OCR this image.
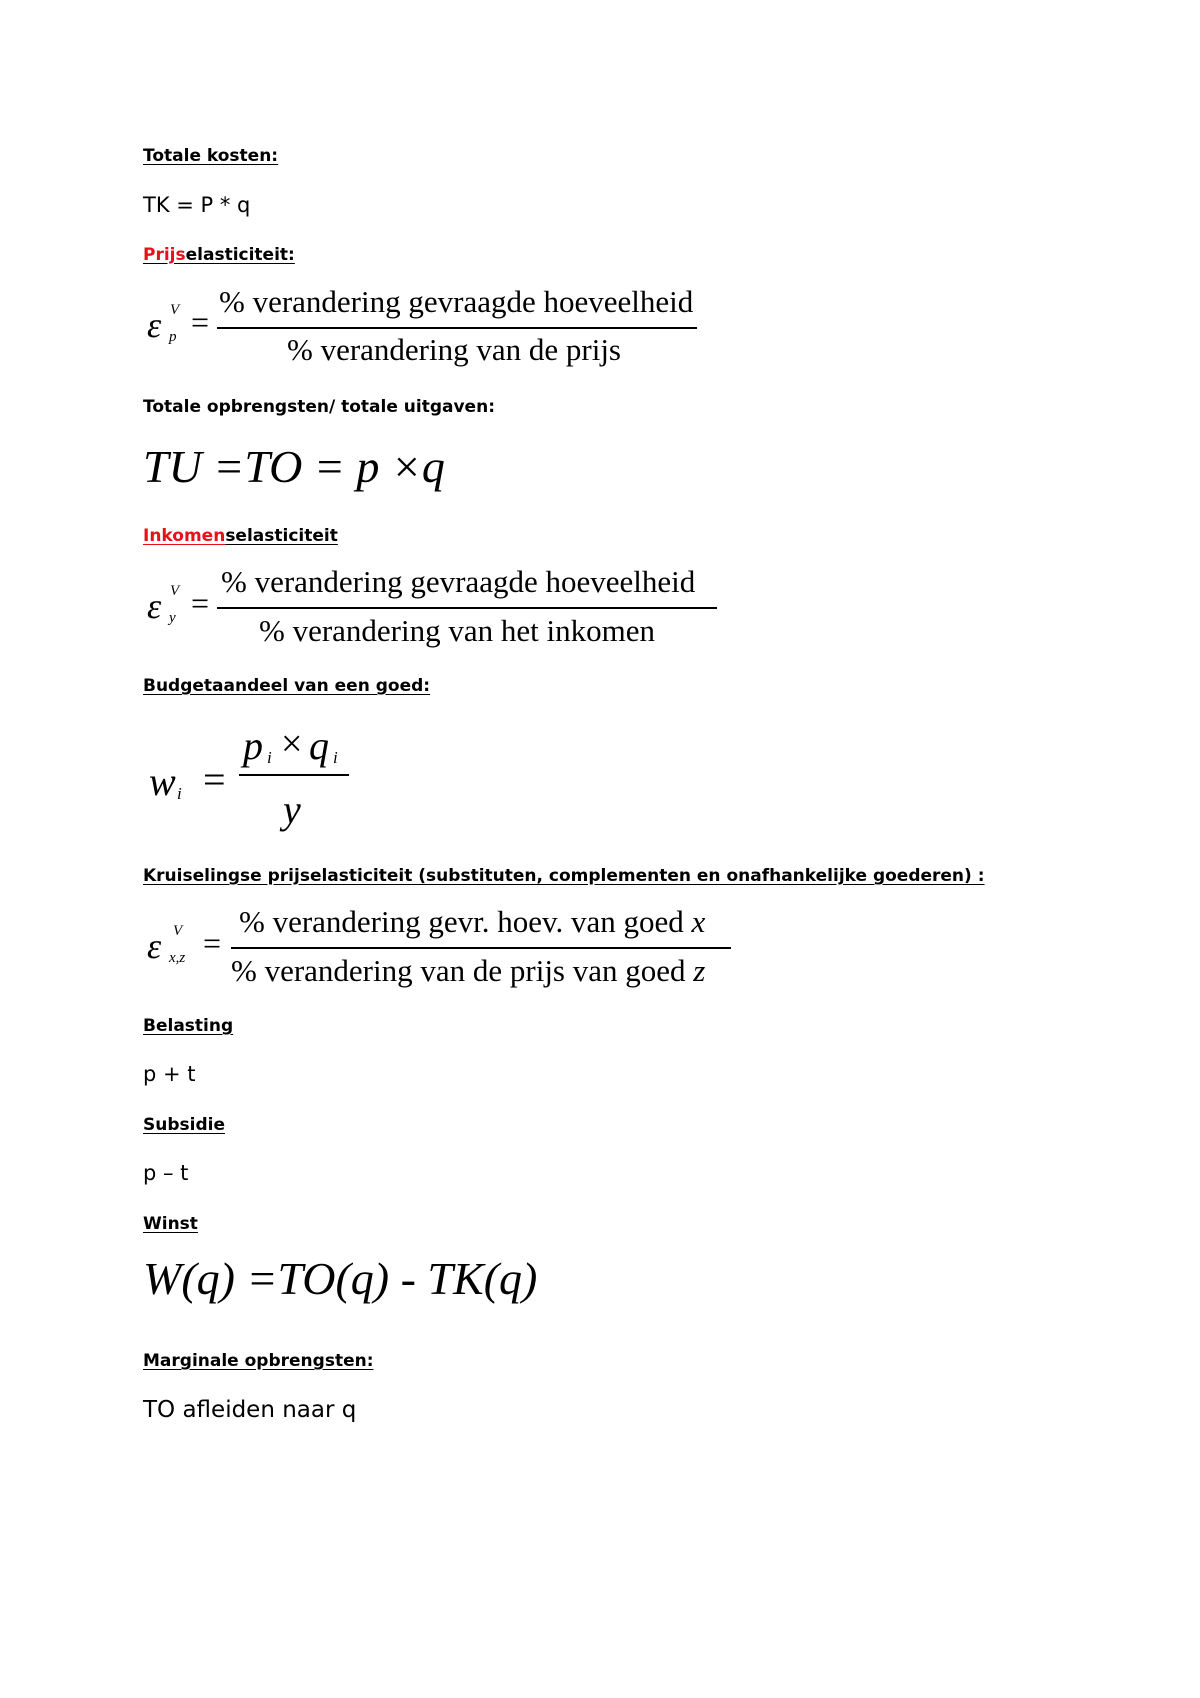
Totale kosten:
TK = P * q
Prijselasticiteit:
ε V
p =
% verandering gevraagde hoeveelheid
% verandering van de prijs
Totale opbrengsten/ totale uitgaven:
TU =TO = p ×q
Inkomenselasticiteit
ε V
y =
% verandering gevraagde hoeveelheid
% verandering van het inkomen
Budgetaandeel van een goed:
w i =
p i × q i
y
Kruiselingse prijselasticiteit (substituten, complementen en onafhankelijke goederen) :
ε V
x,z =
% verandering gevr. hoev. van goed x
% verandering van de prijs van goed z
Belasting
p + t
Subsidie
p – t
Winst
W(q) =TO(q) - TK(q)
Marginale opbrengsten:
TO afleiden naar q
